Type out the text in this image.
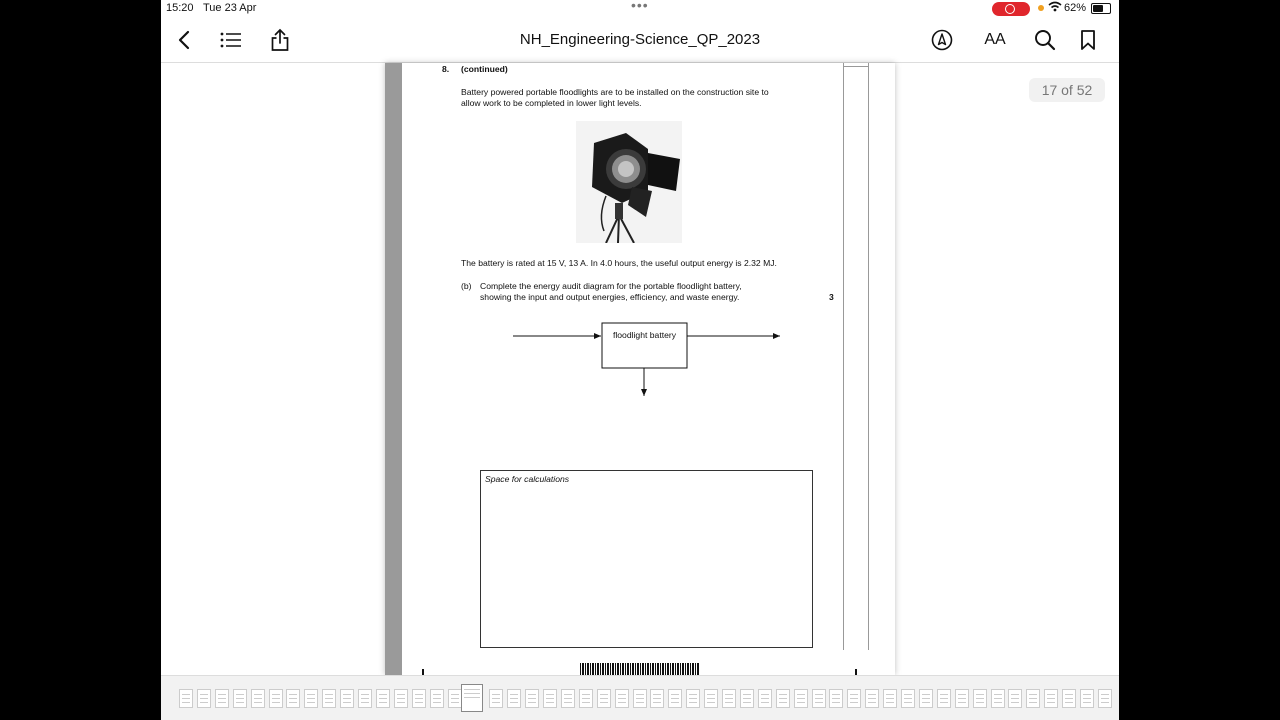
15:20 Tue 23 Apr	•••	62%
NH_Engineering-Science_QP_2023	AA
8. (continued)
Battery powered portable floodlights are to be installed on the construction site to
allow work to be completed in lower light levels.
The battery is rated at 15 V, 13 A. In 4.0 hours, the useful output energy is 2.32 MJ.
(b) Complete the energy audit diagram for the portable floodlight battery,
showing the input and output energies, efficiency, and waste energy.	3
floodlight battery
Space for calculations
17 of 52
